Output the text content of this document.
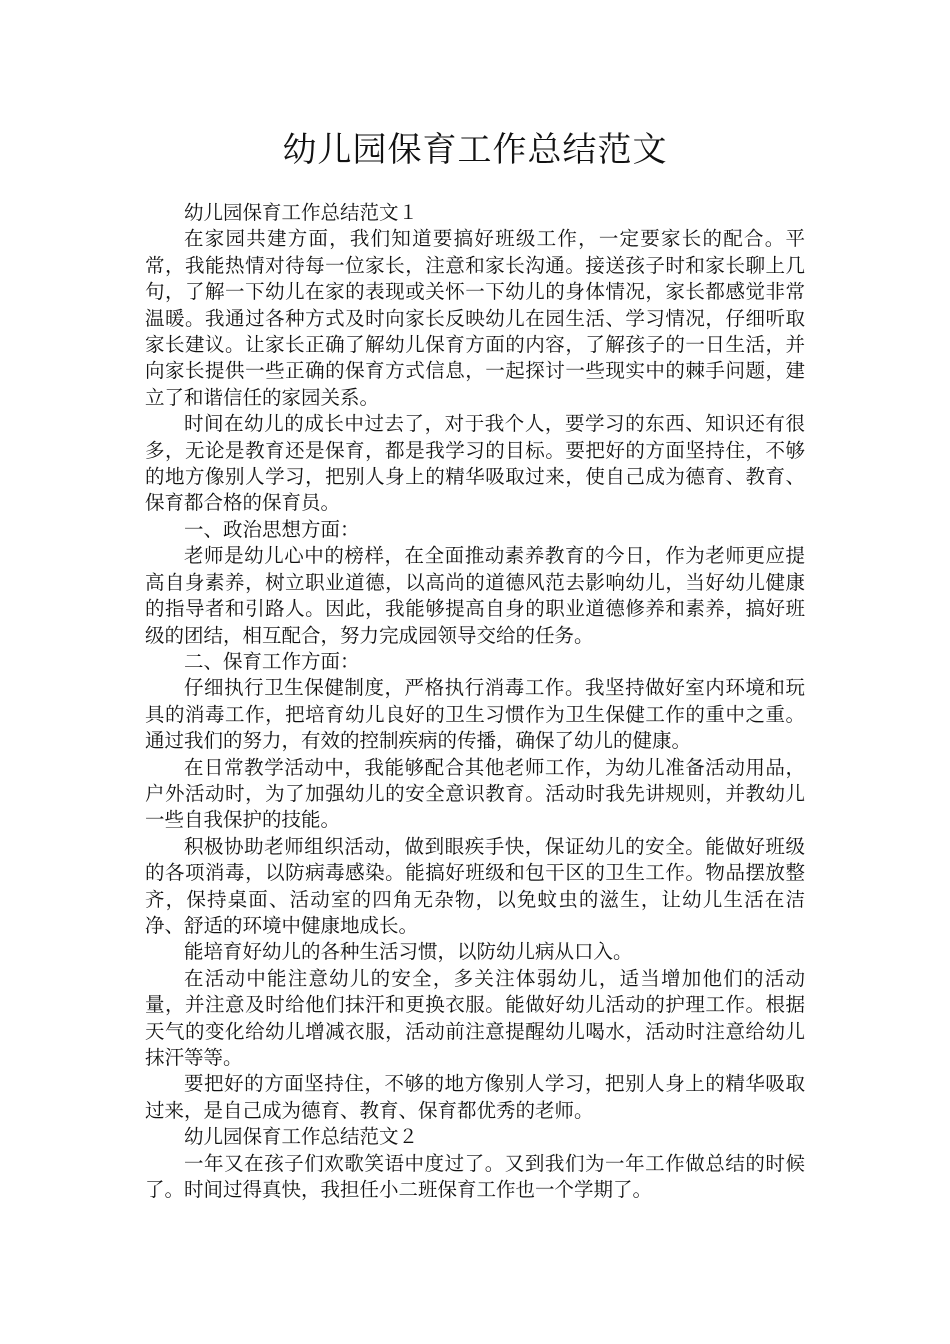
幼儿园保育工作总结范文

幼儿园保育工作总结范文１

在家园共建方面，我们知道要搞好班级工作，一定要家长的配合。平常，我能热情对待每一位家长，注意和家长沟通。接送孩子时和家长聊上几句，了解一下幼儿在家的表现或关怀一下幼儿的身体情况，家长都感觉非常温暖。我通过各种方式及时向家长反映幼儿在园生活、学习情况，仔细听取家长建议。让家长正确了解幼儿保育方面的内容，了解孩子的一日生活，并向家长提供一些正确的保育方式信息，一起探讨一些现实中的棘手问题，建立了和谐信任的家园关系。

时间在幼儿的成长中过去了，对于我个人，要学习的东西、知识还有很多，无论是教育还是保育，都是我学习的目标。要把好的方面坚持住，不够的地方像别人学习，把别人身上的精华吸取过来，使自己成为德育、教育、保育都合格的保育员。

一、政治思想方面：

老师是幼儿心中的榜样，在全面推动素养教育的今日，作为老师更应提高自身素养，树立职业道德，以高尚的道德风范去影响幼儿，当好幼儿健康的指导者和引路人。因此，我能够提高自身的职业道德修养和素养，搞好班级的团结，相互配合，努力完成园领导交给的任务。

二、保育工作方面：

仔细执行卫生保健制度，严格执行消毒工作。我坚持做好室内环境和玩具的消毒工作，把培育幼儿良好的卫生习惯作为卫生保健工作的重中之重。通过我们的努力，有效的控制疾病的传播，确保了幼儿的健康。

在日常教学活动中，我能够配合其他老师工作，为幼儿准备活动用品，户外活动时，为了加强幼儿的安全意识教育。活动时我先讲规则，并教幼儿一些自我保护的技能。

积极协助老师组织活动，做到眼疾手快，保证幼儿的安全。能做好班级的各项消毒，以防病毒感染。能搞好班级和包干区的卫生工作。物品摆放整齐，保持桌面、活动室的四角无杂物，以免蚊虫的滋生，让幼儿生活在洁净、舒适的环境中健康地成长。

能培育好幼儿的各种生活习惯，以防幼儿病从口入。

在活动中能注意幼儿的安全，多关注体弱幼儿，适当增加他们的活动量，并注意及时给他们抹汗和更换衣服。能做好幼儿活动的护理工作。根据天气的变化给幼儿增减衣服，活动前注意提醒幼儿喝水，活动时注意给幼儿抹汗等等。

要把好的方面坚持住，不够的地方像别人学习，把别人身上的精华吸取过来，是自己成为德育、教育、保育都优秀的老师。

幼儿园保育工作总结范文２

一年又在孩子们欢歌笑语中度过了。又到我们为一年工作做总结的时候了。时间过得真快，我担任小二班保育工作也一个学期了。
